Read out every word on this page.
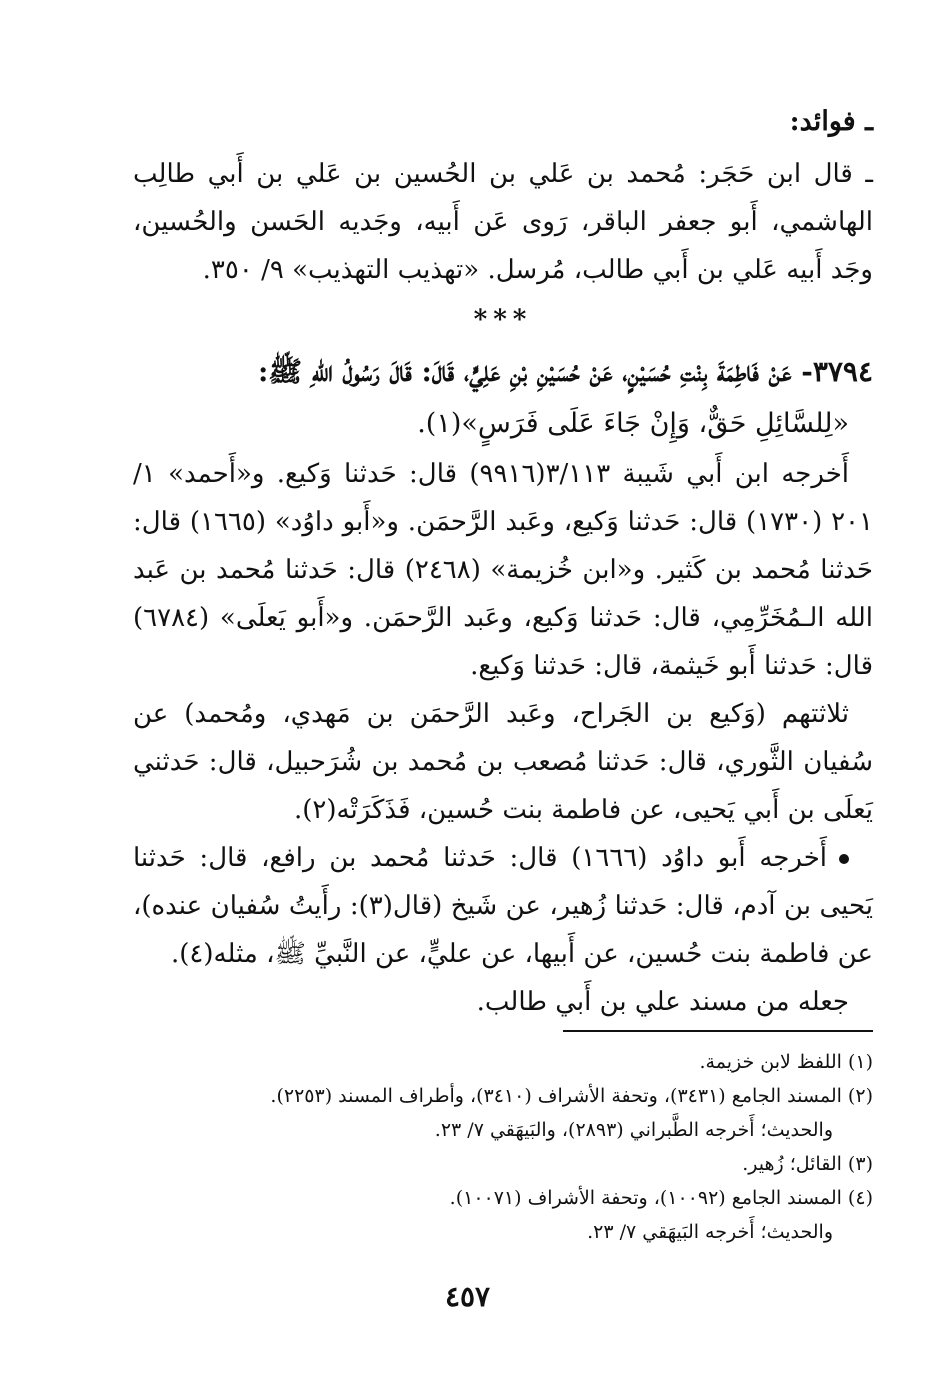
ـ فوائد:

ـ قال ابن حَجَر: مُحمد بن عَلي بن الحُسين بن عَلي بن أَبي طالِب الهاشمي، أَبو جعفر الباقر، رَوى عَن أَبيه، وجَديه الحَسن والحُسين، وجَد أَبيه عَلي بن أَبي طالب، مُرسل. «تهذيب التهذيب» ٩/ ٣٥٠.

***

٣٧٩٤- عَنْ فَاطِمَةَ بِنْتِ حُسَيْنٍ، عَنْ حُسَيْنِ بْنِ عَلِيٍّ، قَالَ: قَالَ رَسُولُ اللهِ ﷺ:

«لِلسَّائِلِ حَقٌّ، وَإِنْ جَاءَ عَلَى فَرَسٍ»(١).

أَخرجه ابن أَبي شَيبة ٣/١١٣(٩٩١٦) قال: حَدثنا وَكيع. و«أَحمد» ١/ ٢٠١ (١٧٣٠) قال: حَدثنا وَكيع، وعَبد الرَّحمَن. و«أَبو داوُد» (١٦٦٥) قال: حَدثنا مُحمد بن كَثير. و«ابن خُزيمة» (٢٤٦٨) قال: حَدثنا مُحمد بن عَبد الله الـمُخَرِّمِي، قال: حَدثنا وَكيع، وعَبد الرَّحمَن. و«أَبو يَعلَى» (٦٧٨٤) قال: حَدثنا أَبو خَيثمة، قال: حَدثنا وَكيع.

ثلاثتهم (وَكيع بن الجَراح، وعَبد الرَّحمَن بن مَهدي، ومُحمد) عن سُفيان الثَّوري، قال: حَدثنا مُصعب بن مُحمد بن شُرَحبيل، قال: حَدثني يَعلَى بن أَبي يَحيى، عن فاطمة بنت حُسين، فَذَكَرَتْه(٢).

أَخرجه أَبو داوُد (١٦٦٦) قال: حَدثنا مُحمد بن رافع، قال: حَدثنا يَحيى بن آدم، قال: حَدثنا زُهير، عن شَيخ (قال(٣): رأَيتُ سُفيان عنده)، عن فاطمة بنت حُسين، عن أَبيها، عن عليٍّ، عن النَّبيِّ ﷺ، مثله(٤).

جعله من مسند علي بن أَبي طالب.

(١) اللفظ لابن خزيمة.

(٢) المسند الجامع (٣٤٣١)، وتحفة الأشراف (٣٤١٠)، وأطراف المسند (٢٢٥٣).

والحديث؛ أَخرجه الطَّبراني (٢٨٩٣)، والبَيهَقي ٧/ ٢٣.

(٣) القائل؛ زُهير.

(٤) المسند الجامع (١٠٠٩٢)، وتحفة الأشراف (١٠٠٧١).

والحديث؛ أَخرجه البَيهَقي ٧/ ٢٣.

٤٥٧
